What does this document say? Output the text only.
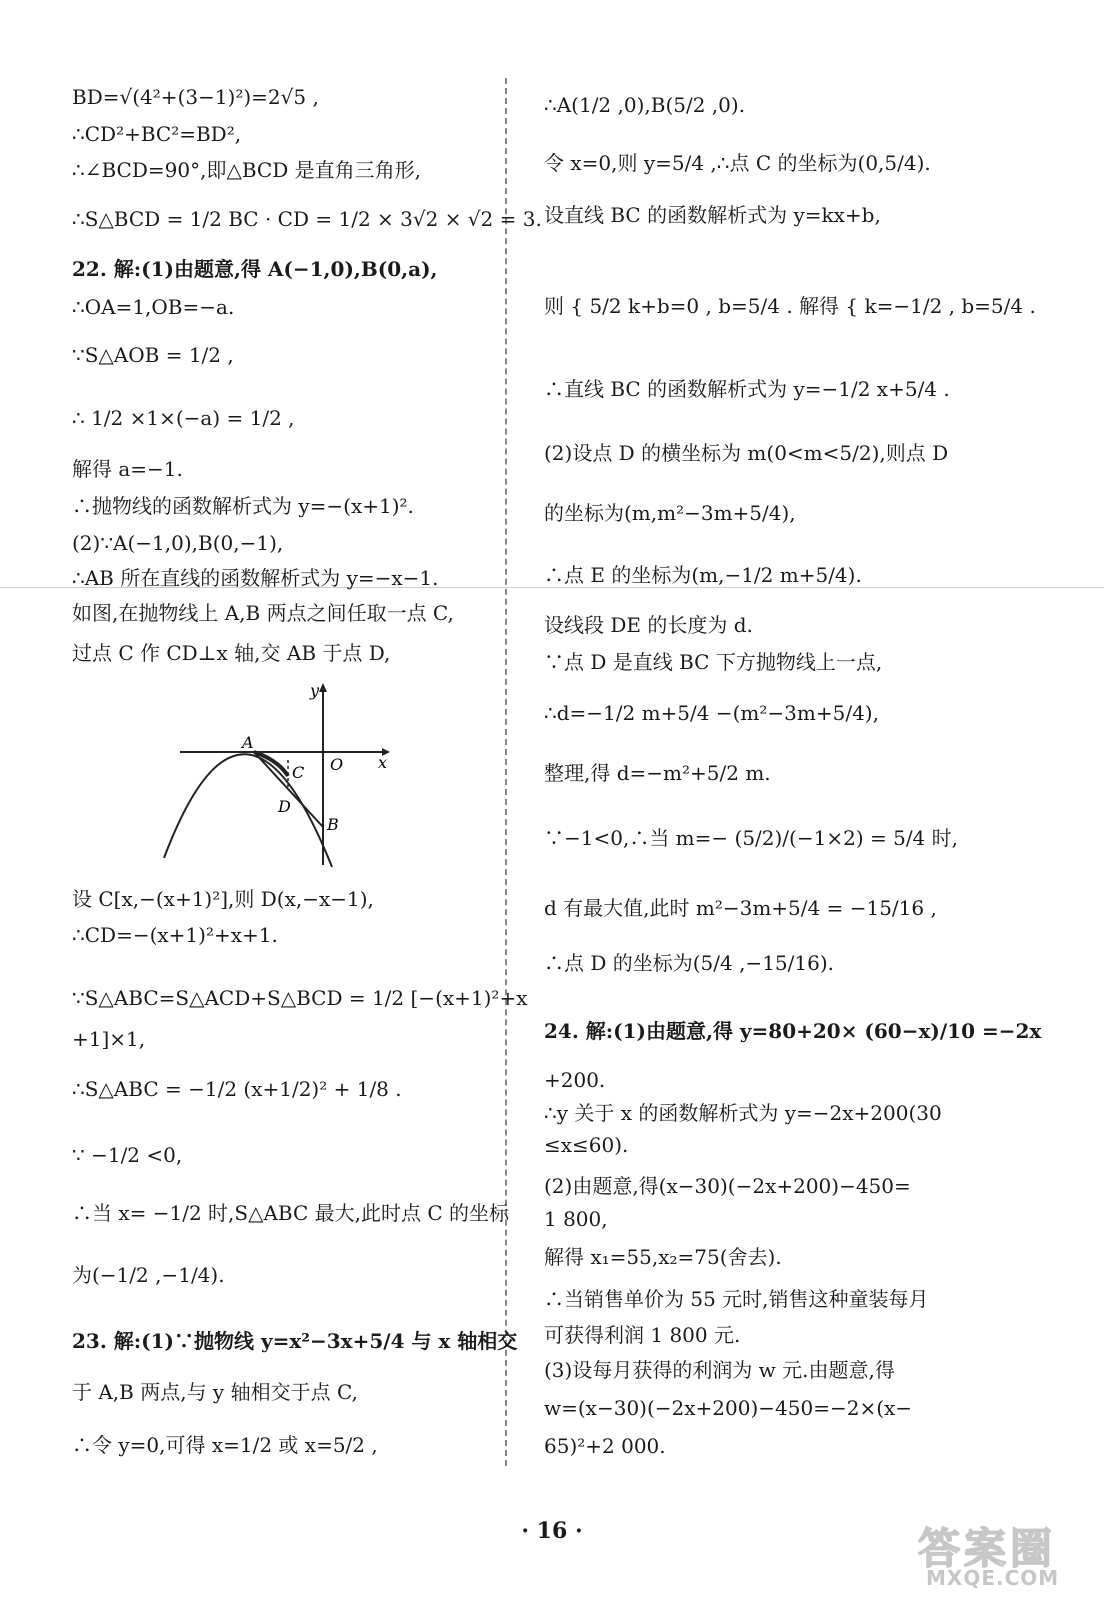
BD=√(4²+(3−1)²)=2√5 ,
∴CD²+BC²=BD²,
∴∠BCD=90°,即△BCD 是直角三角形,
∴S△BCD = 1/2 BC · CD = 1/2 × 3√2 × √2 = 3.
22. 解:(1)由题意,得 A(−1,0),B(0,a),
∴OA=1,OB=−a.
∵S△AOB = 1/2 ,
∴ 1/2 ×1×(−a) = 1/2 ,
解得 a=−1.
∴抛物线的函数解析式为 y=−(x+1)².
(2)∵A(−1,0),B(0,−1),
∴AB 所在直线的函数解析式为 y=−x−1.
如图,在抛物线上 A,B 两点之间任取一点 C,
过点 C 作 CD⊥x 轴,交 AB 于点 D,
设 C[x,−(x+1)²],则 D(x,−x−1),
∴CD=−(x+1)²+x+1.
∵S△ABC=S△ACD+S△BCD = 1/2 [−(x+1)²+x
+1]×1,
∴S△ABC = −1/2 (x+1/2)² + 1/8 .
∵ −1/2 <0,
∴当 x= −1/2 时,S△ABC 最大,此时点 C 的坐标
为(−1/2 ,−1/4).
23. 解:(1)∵抛物线 y=x²−3x+5/4 与 x 轴相交
于 A,B 两点,与 y 轴相交于点 C,
∴令 y=0,可得 x=1/2 或 x=5/2 ,
∴A(1/2 ,0),B(5/2 ,0).
令 x=0,则 y=5/4 ,∴点 C 的坐标为(0,5/4).
设直线 BC 的函数解析式为 y=kx+b,
则 { 5/2 k+b=0 , b=5/4 . 解得 { k=−1/2 , b=5/4 .
∴直线 BC 的函数解析式为 y=−1/2 x+5/4 .
(2)设点 D 的横坐标为 m(0<m<5/2),则点 D
的坐标为(m,m²−3m+5/4),
∴点 E 的坐标为(m,−1/2 m+5/4).
设线段 DE 的长度为 d.
∵点 D 是直线 BC 下方抛物线上一点,
∴d=−1/2 m+5/4 −(m²−3m+5/4),
整理,得 d=−m²+5/2 m.
∵−1<0,∴当 m=− (5/2)/(−1×2) = 5/4 时,
d 有最大值,此时 m²−3m+5/4 = −15/16 ,
∴点 D 的坐标为(5/4 ,−15/16).
24. 解:(1)由题意,得 y=80+20× (60−x)/10 =−2x
+200.
∴y 关于 x 的函数解析式为 y=−2x+200(30
≤x≤60).
(2)由题意,得(x−30)(−2x+200)−450=
1 800,
解得 x₁=55,x₂=75(舍去).
∴当销售单价为 55 元时,销售这种童装每月
可获得利润 1 800 元.
(3)设每月获得的利润为 w 元.由题意,得
w=(x−30)(−2x+200)−450=−2×(x−
65)²+2 000.
y
x
O
A
C
D
B
· 16 ·	答案圈
MXQE.COM
